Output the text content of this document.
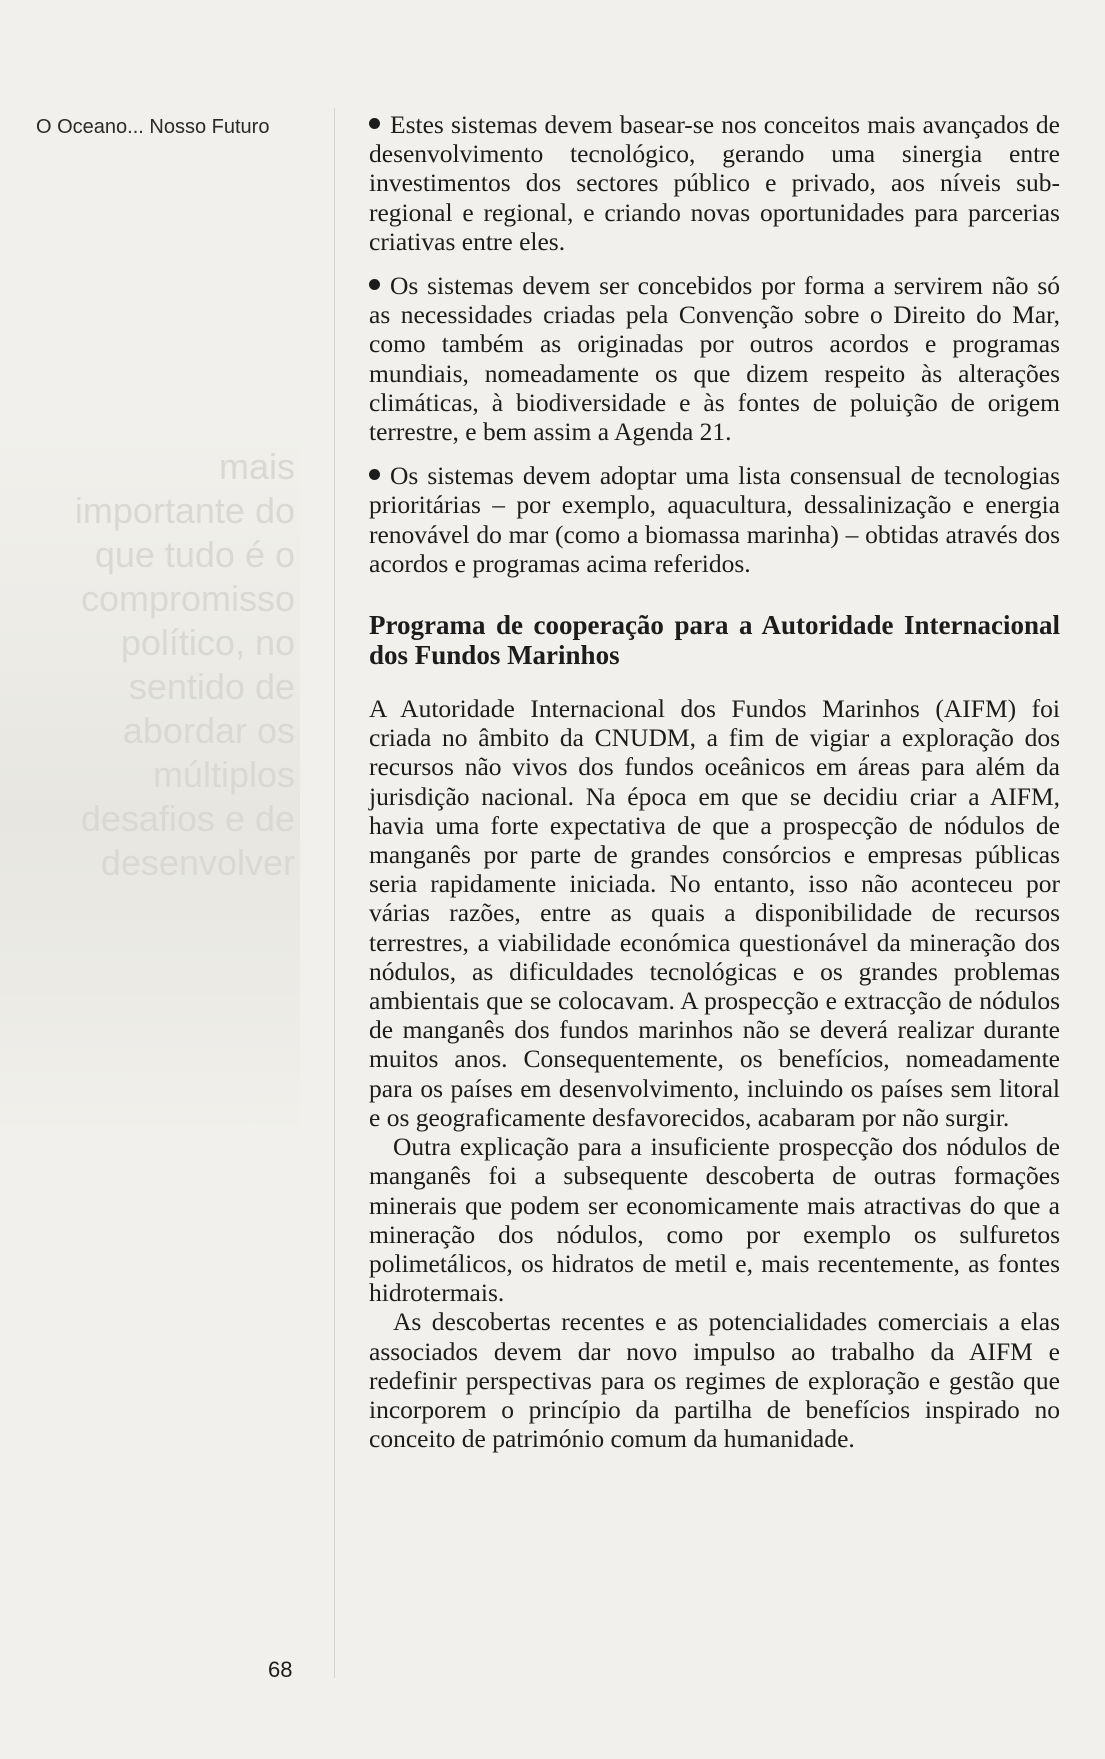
O Oceano... Nosso Futuro
mais importante do que tudo é o compromisso político, no sentido de abordar os múltiplos desafios e de desenvolver

Estes sistemas devem basear-se nos conceitos mais avançados de desenvolvimento tecnológico, gerando uma sinergia entre investimentos dos sectores público e privado, aos níveis sub-regional e regional, e criando novas oportunidades para parcerias criativas entre eles.

Os sistemas devem ser concebidos por forma a servirem não só as necessidades criadas pela Convenção sobre o Direito do Mar, como também as originadas por outros acordos e programas mundiais, nomeadamente os que dizem respeito às alterações climáticas, à biodiversidade e às fontes de poluição de origem terrestre, e bem assim a Agenda 21.

Os sistemas devem adoptar uma lista consensual de tecnologias prioritárias – por exemplo, aquacultura, dessalinização e energia renovável do mar (como a biomassa marinha) – obtidas através dos acordos e programas acima referidos.

Programa de cooperação para a Autoridade Internacional dos Fundos Marinhos

A Autoridade Internacional dos Fundos Marinhos (AIFM) foi criada no âmbito da CNUDM, a fim de vigiar a exploração dos recursos não vivos dos fundos oceânicos em áreas para além da jurisdição nacional. Na época em que se decidiu criar a AIFM, havia uma forte expectativa de que a prospecção de nódulos de manganês por parte de grandes consórcios e empresas públicas seria rapidamente iniciada. No entanto, isso não aconteceu por várias razões, entre as quais a disponibilidade de recursos terrestres, a viabilidade económica questionável da mineração dos nódulos, as dificuldades tecnológicas e os grandes problemas ambientais que se colocavam. A prospecção e extracção de nódulos de manganês dos fundos marinhos não se deverá realizar durante muitos anos. Consequentemente, os benefícios, nomeadamente para os países em desenvolvimento, incluindo os países sem litoral e os geograficamente desfavorecidos, acabaram por não surgir.

Outra explicação para a insuficiente prospecção dos nódulos de manganês foi a subsequente descoberta de outras formações minerais que podem ser economicamente mais atractivas do que a mineração dos nódulos, como por exemplo os sulfuretos polimetálicos, os hidratos de metil e, mais recentemente, as fontes hidrotermais.

As descobertas recentes e as potencialidades comerciais a elas associados devem dar novo impulso ao trabalho da AIFM e redefinir perspectivas para os regimes de exploração e gestão que incorporem o princípio da partilha de benefícios inspirado no conceito de património comum da humanidade.

68
